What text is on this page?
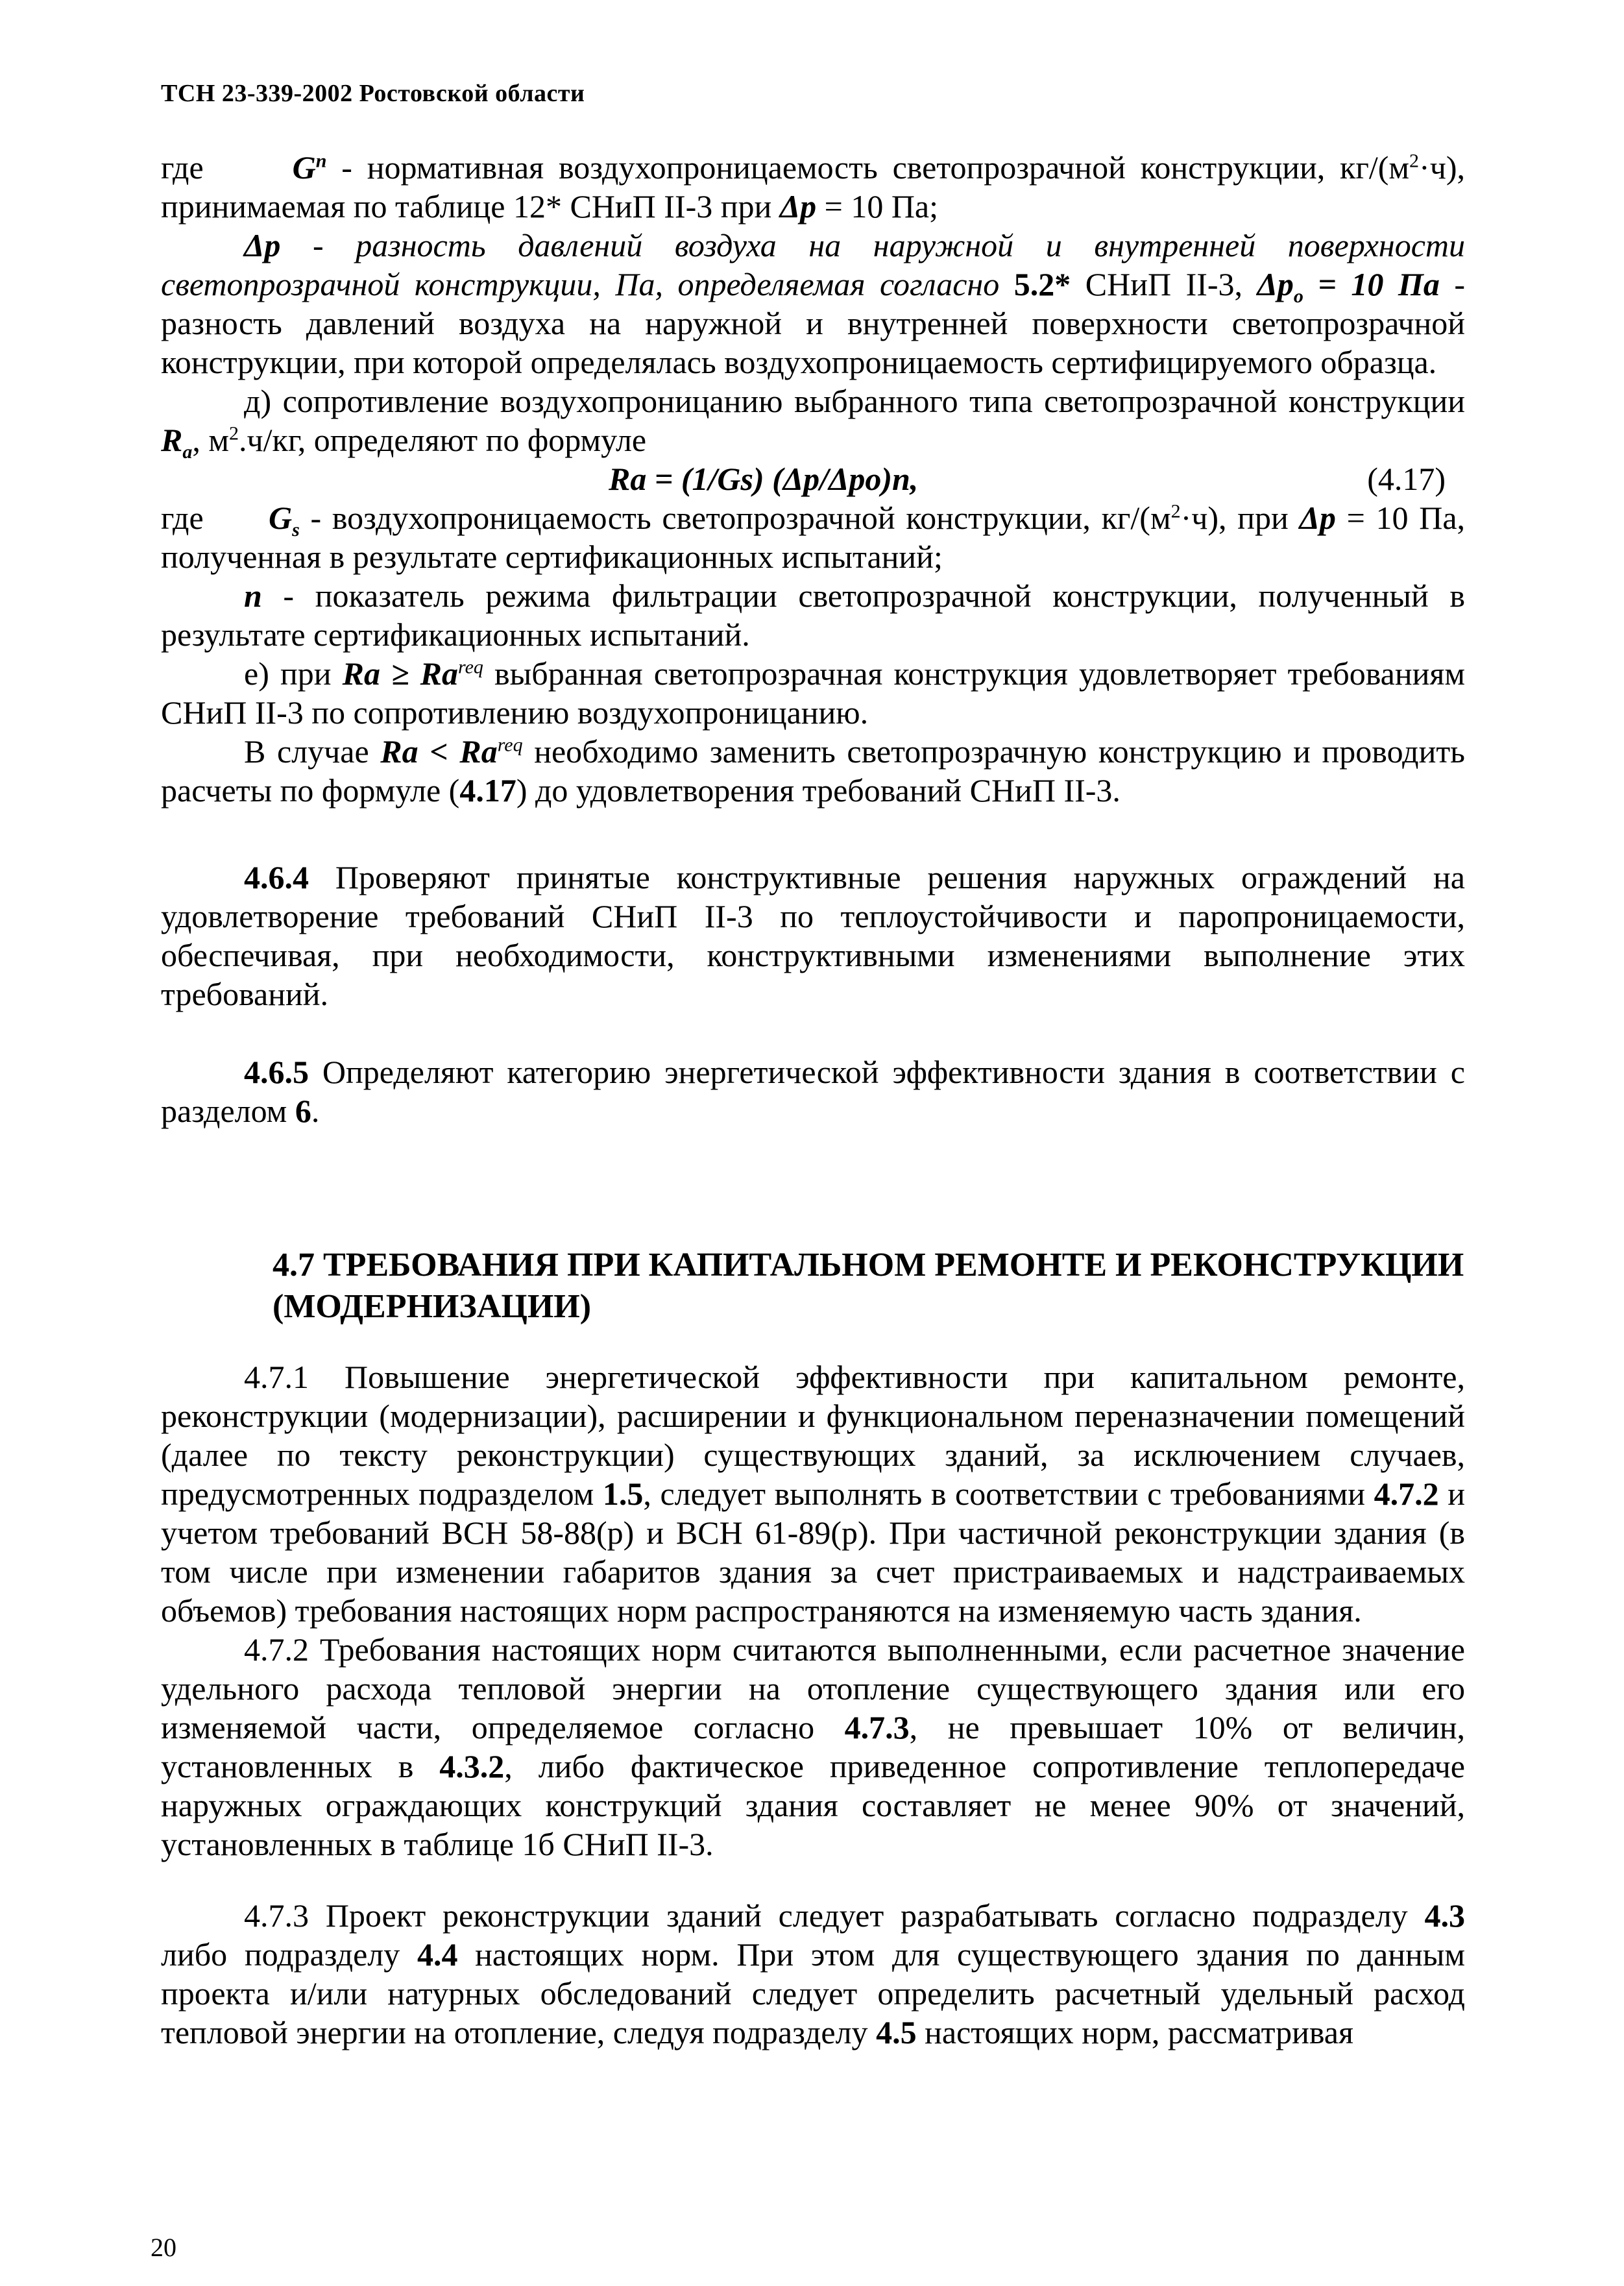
ТСН 23-339-2002 Ростовской области

где	$G^n$ - нормативная воздухопроницаемость светопрозрачной конструкции, $кг/(м^2\cdot ч)$, принимаемая по таблице 12* СНиП II-3 при Δp = 10 Па;

Δp - разность давлений воздуха на наружной и внутренней поверхности светопрозрачной конструкции, Па, определяемая согласно 5.2* СНиП II-3, $\Delta p_o = 10$ Па - разность давлений воздуха на наружной и внутренней поверхности светопрозрачной конструкции, при которой определялась воздухопроницаемость сертифицируемого образца.

д) сопротивление воздухопроницанию выбранного типа светопрозрачной конструкции $R_a$, $м^2.ч/кг$, определяют по формуле

Ra = (1/Gs) (Δp/Δpo)n,	(4.17)

где $G_s$ - воздухопроницаемость светопрозрачной конструкции, $кг/(м^2\cdot ч)$, при Δp = 10 Па, полученная в результате сертификационных испытаний;

n - показатель режима фильтрации светопрозрачной конструкции, полученный в результате сертификационных испытаний.

е) при $Ra \ge Ra^{req}$ выбранная светопрозрачная конструкция удовлетворяет требованиям СНиП II-3 по сопротивлению воздухопроницанию.

В случае $Ra < Ra^{req}$ необходимо заменить светопрозрачную конструкцию и проводить расчеты по формуле (4.17) до удовлетворения требований СНиП II-3.

4.6.4 Проверяют принятые конструктивные решения наружных ограждений на удовлетворение требований СНиП II-3 по теплоустойчивости и паропроницаемости, обеспечивая, при необходимости, конструктивными изменениями выполнение этих требований.

4.6.5 Определяют категорию энергетической эффективности здания в соответствии с разделом 6.

4.7 ТРЕБОВАНИЯ ПРИ КАПИТАЛЬНОМ РЕМОНТЕ И РЕКОНСТРУКЦИИ (МОДЕРНИЗАЦИИ)

4.7.1 Повышение энергетической эффективности при капитальном ремонте, реконструкции (модернизации), расширении и функциональном переназначении помещений (далее по тексту реконструкции) существующих зданий, за исключением случаев, предусмотренных подразделом 1.5, следует выполнять в соответствии с требованиями 4.7.2 и учетом требований ВСН 58-88(р) и ВСН 61-89(р). При частичной реконструкции здания (в том числе при изменении габаритов здания за счет пристраиваемых и надстраиваемых объемов) требования настоящих норм распространяются на изменяемую часть здания.

4.7.2 Требования настоящих норм считаются выполненными, если расчетное значение удельного расхода тепловой энергии на отопление существующего здания или его изменяемой части, определяемое согласно 4.7.3, не превышает 10% от величин, установленных в 4.3.2, либо фактическое приведенное сопротивление теплопередаче наружных ограждающих конструкций здания составляет не менее 90% от значений, установленных в таблице 1б СНиП II-3.

4.7.3 Проект реконструкции зданий следует разрабатывать согласно подразделу 4.3 либо подразделу 4.4 настоящих норм. При этом для существующего здания по данным проекта и/или натурных обследований следует определить расчетный удельный расход тепловой энергии на отопление, следуя подразделу 4.5 настоящих норм, рассматривая

20
